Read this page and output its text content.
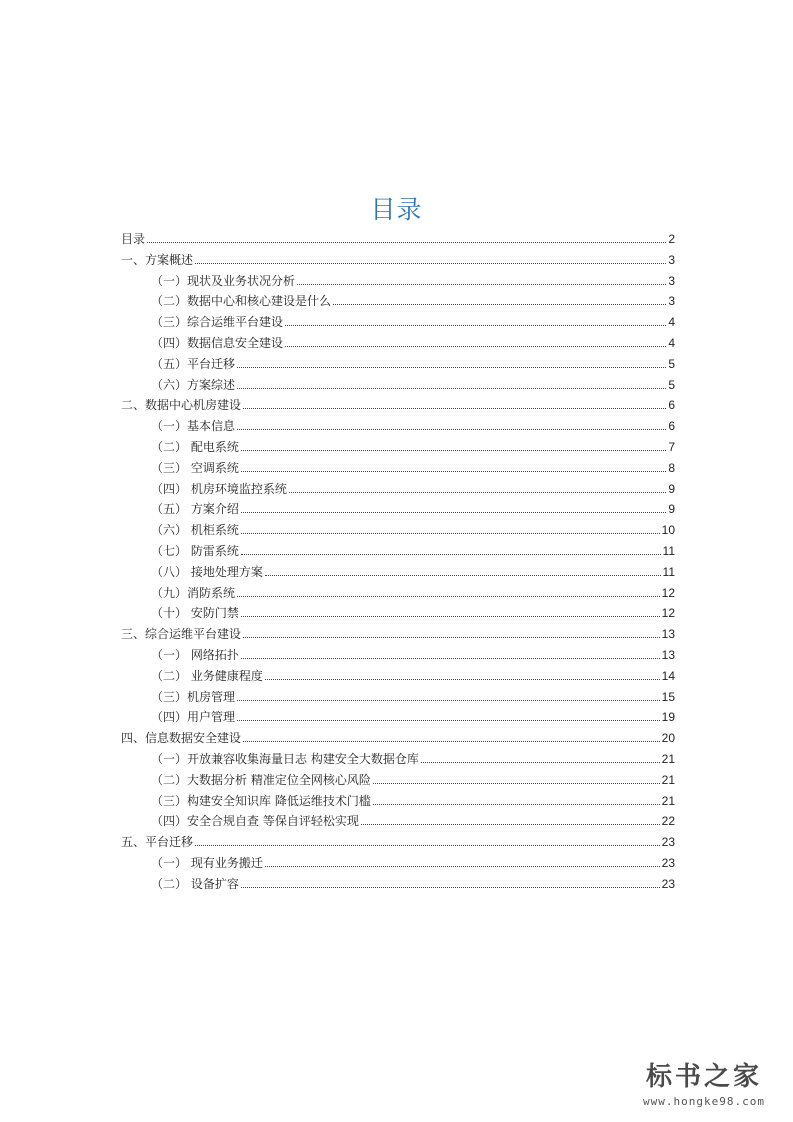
目录
目录	2
一、方案概述	3
（一）现状及业务状况分析	3
（二）数据中心和核心建设是什么	3
（三）综合运维平台建设	4
（四）数据信息安全建设	4
（五）平台迁移	5
（六）方案综述	5
二、数据中心机房建设	6
（一）基本信息	6
（二） 配电系统	7
（三） 空调系统	8
（四） 机房环境监控系统	9
（五） 方案介绍	9
（六） 机柜系统	10
（七） 防雷系统	11
（八） 接地处理方案	11
（九）消防系统	12
（十） 安防门禁	12
三、综合运维平台建设	13
（一） 网络拓扑	13
（二） 业务健康程度	14
（三）机房管理	15
（四）用户管理	19
四、信息数据安全建设	20
（一）开放兼容收集海量日志 构建安全大数据仓库	21
（二）大数据分析 精准定位全网核心风险	21
（三）构建安全知识库 降低运维技术门槛	21
（四）安全合规自查 等保自评轻松实现	22
五、平台迁移	23
（一） 现有业务搬迁	23
（二） 设备扩容	23
标书之家
www.hongke98.com
